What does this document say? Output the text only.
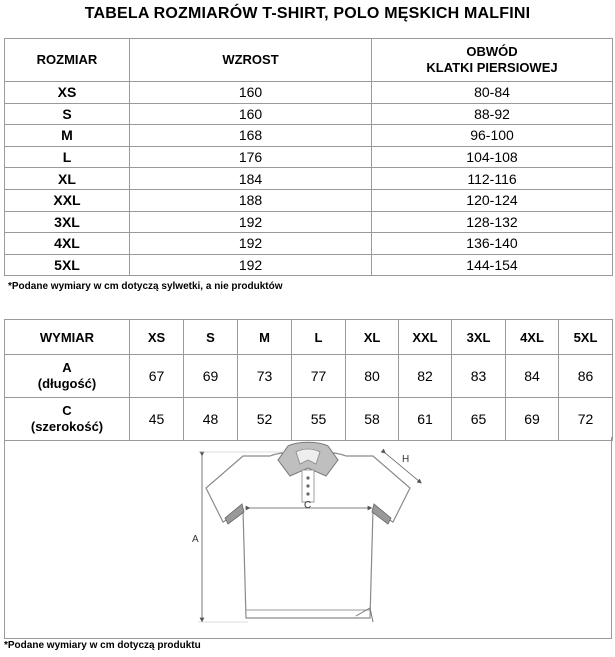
TABELA ROZMIARÓW T-SHIRT, POLO MĘSKICH MALFINI
ROZMIAR	WZROST	OBWÓD
KLATKI PIERSIOWEJ
XS	160	80-84
S	160	88-92
M	168	96-100
L	176	104-108
XL	184	112-116
XXL	188	120-124
3XL	192	128-132
4XL	192	136-140
5XL	192	144-154
*Podane wymiary w cm dotyczą sylwetki, a nie produktów
WYMIAR	XS	S	M	L	XL	XXL	3XL	4XL	5XL
A
(długość)	67	69	73	77	80	82	83	84	86
C
(szerokość)	45	48	52	55	58	61	65	69	72
A
C
H
*Podane wymiary w cm dotyczą produktu
